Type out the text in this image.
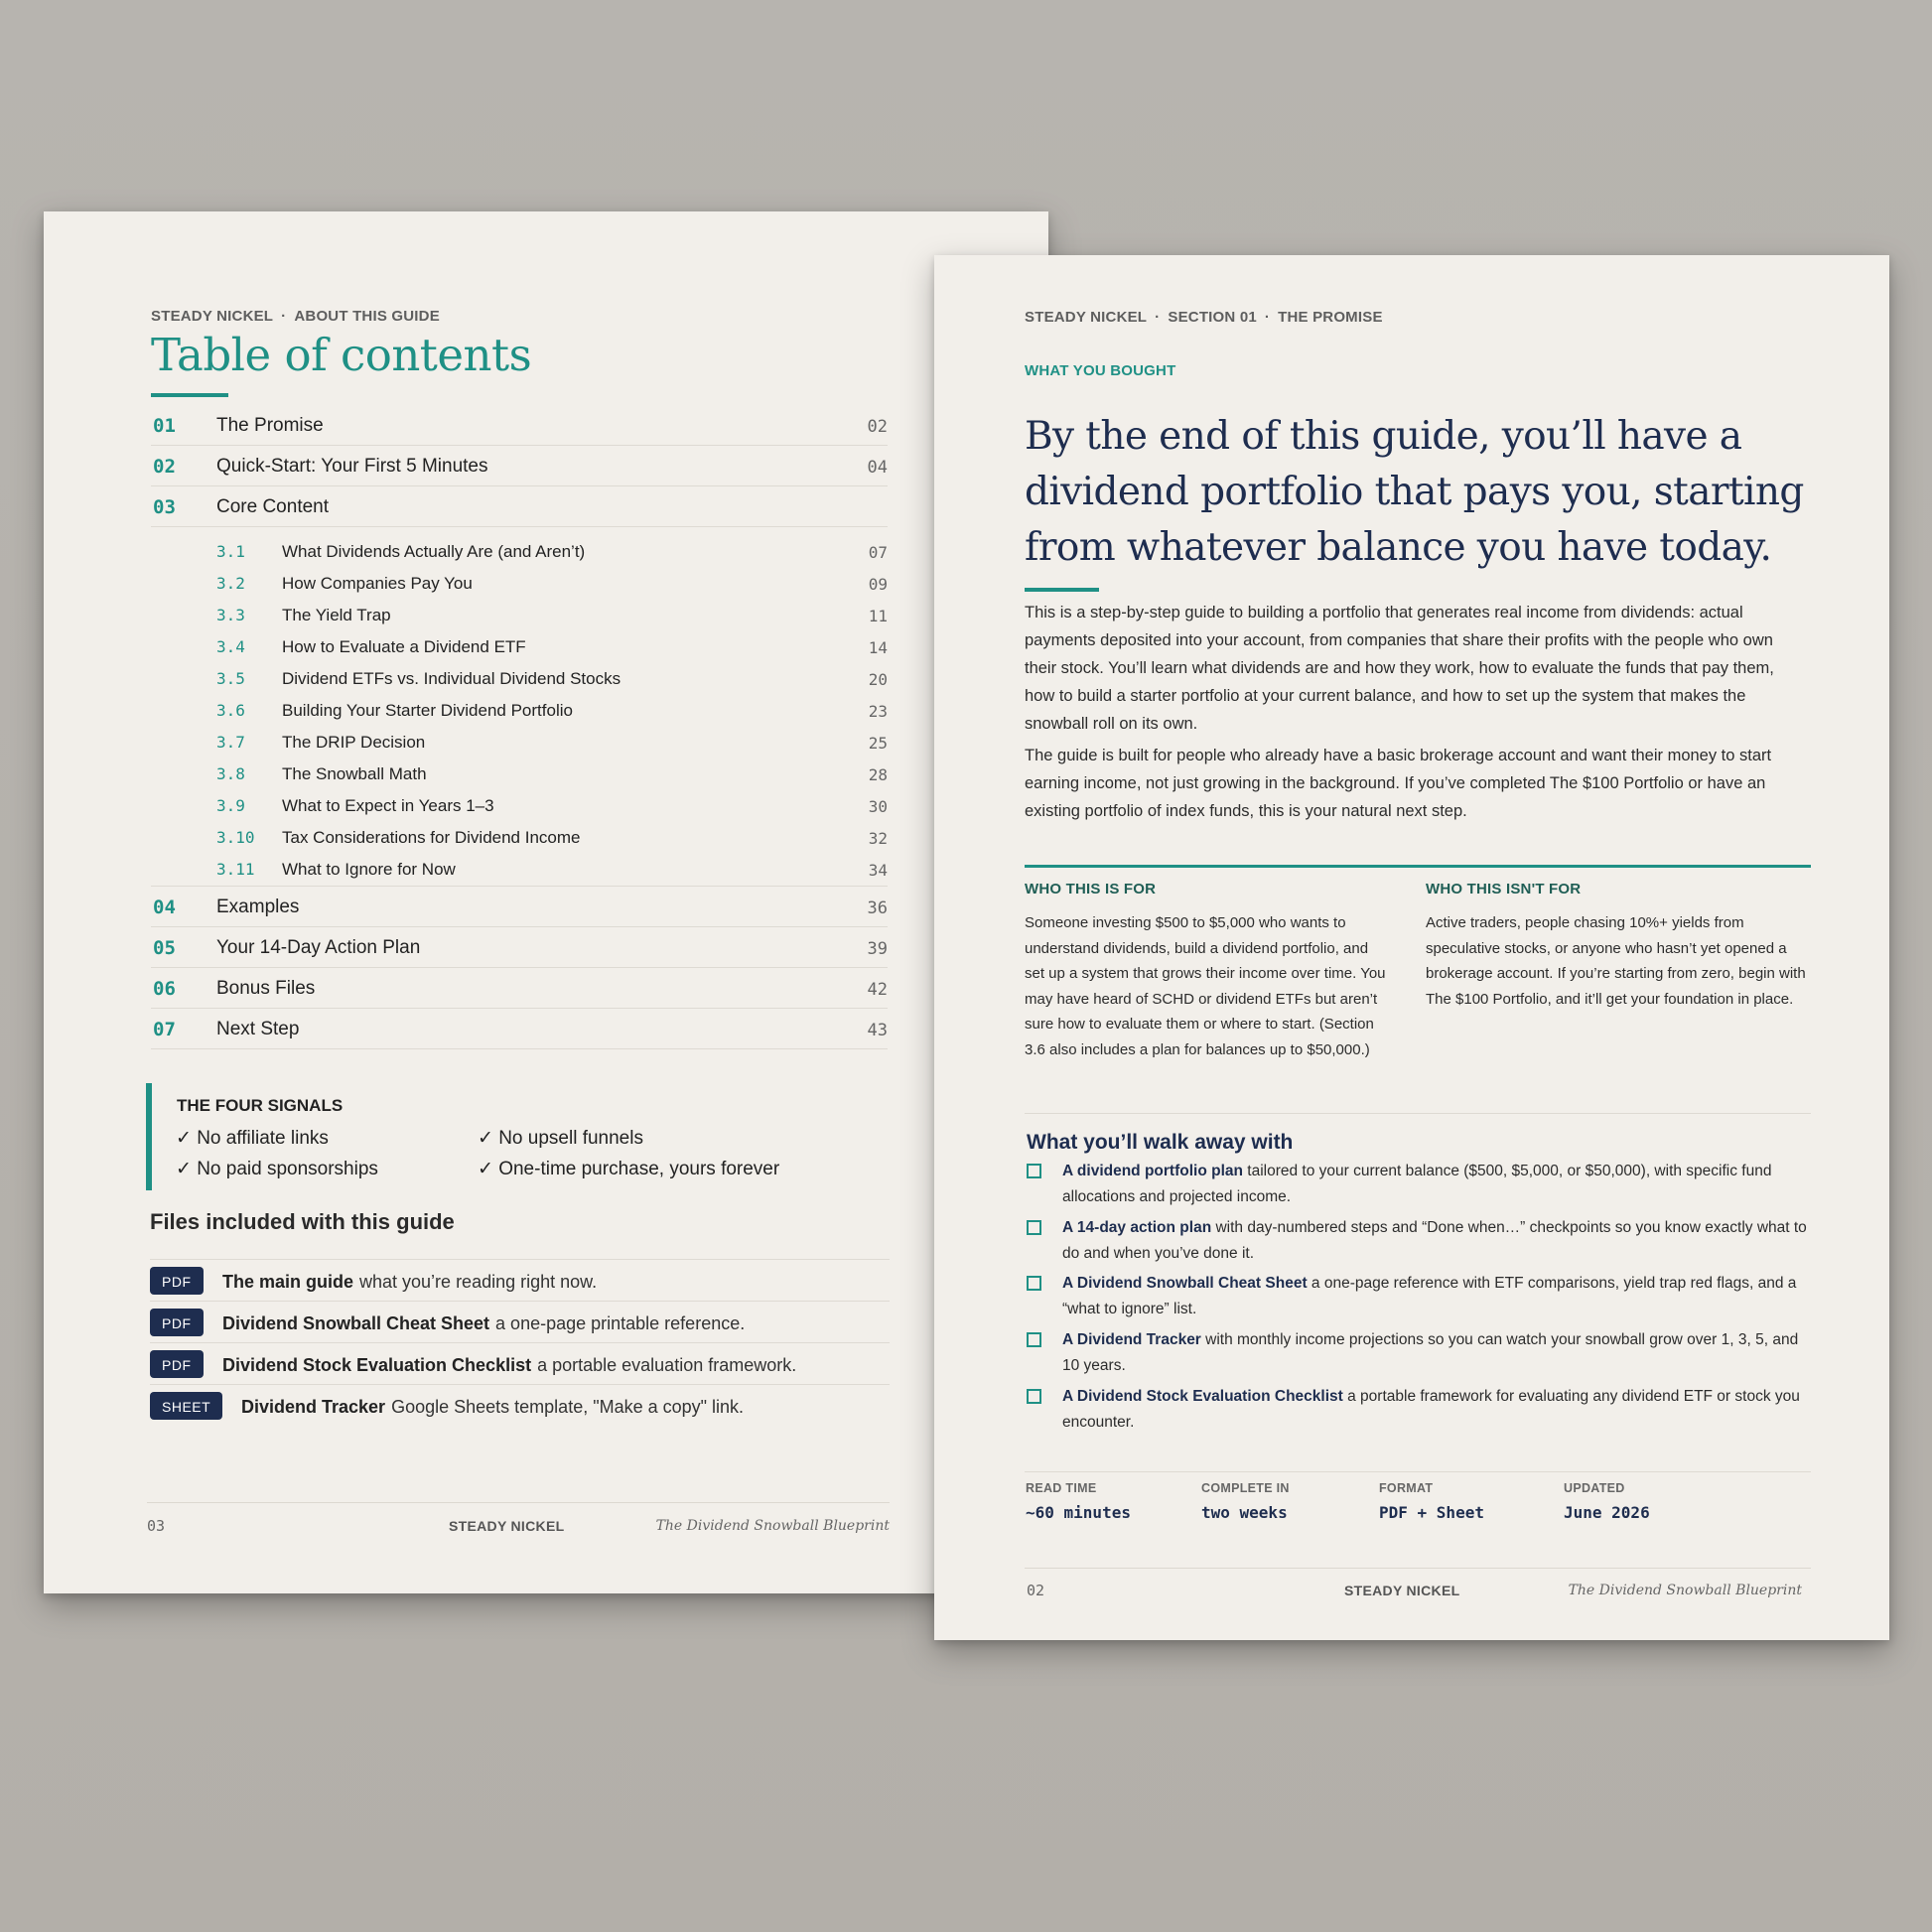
STEADY NICKEL · ABOUT THIS GUIDE
Table of contents
01 The Promise	02
02 Quick-Start: Your First 5 Minutes	04
03 Core Content
3.1 What Dividends Actually Are (and Aren’t)	07
3.2 How Companies Pay You	09
3.3 The Yield Trap	11
3.4 How to Evaluate a Dividend ETF	14
3.5 Dividend ETFs vs. Individual Dividend Stocks	20
3.6 Building Your Starter Dividend Portfolio	23
3.7 The DRIP Decision	25
3.8 The Snowball Math	28
3.9 What to Expect in Years 1–3	30
3.10 Tax Considerations for Dividend Income	32
3.11 What to Ignore for Now	34
04 Examples	36
05 Your 14-Day Action Plan	39
06 Bonus Files	42
07 Next Step	43
THE FOUR SIGNALS
✓ No affiliate links	✓ No upsell funnels
✓ No paid sponsorships	✓ One-time purchase, yours forever
Files included with this guide
PDF	The main guide what you’re reading right now.
PDF	Dividend Snowball Cheat Sheet a one-page printable reference.
PDF	Dividend Stock Evaluation Checklist a portable evaluation framework.
SHEET	Dividend Tracker Google Sheets template, "Make a copy" link.
03	STEADY NICKEL	The Dividend Snowball Blueprint
STEADY NICKEL · SECTION 01 · THE PROMISE
WHAT YOU BOUGHT
By the end of this guide, you’ll have a dividend portfolio that pays you, starting from whatever balance you have today.

This is a step-by-step guide to building a portfolio that generates real income from dividends: actual payments deposited into your account, from companies that share their profits with the people who own their stock. You’ll learn what dividends are and how they work, how to evaluate the funds that pay them, how to build a starter portfolio at your current balance, and how to set up the system that makes the snowball roll on its own.

The guide is built for people who already have a basic brokerage account and want their money to start earning income, not just growing in the background. If you’ve completed The $100 Portfolio or have an existing portfolio of index funds, this is your natural next step.

WHO THIS IS FOR

Someone investing $500 to $5,000 who wants to understand dividends, build a dividend portfolio, and set up a system that grows their income over time. You may have heard of SCHD or dividend ETFs but aren’t sure how to evaluate them or where to start. (Section 3.6 also includes a plan for balances up to $50,000.)

WHO THIS ISN'T FOR

Active traders, people chasing 10%+ yields from speculative stocks, or anyone who hasn’t yet opened a brokerage account. If you’re starting from zero, begin with The $100 Portfolio, and it’ll get your foundation in place.

What you’ll walk away with
A dividend portfolio plan tailored to your current balance ($500, $5,000, or $50,000), with specific fund allocations and projected income.
A 14-day action plan with day-numbered steps and “Done when…” checkpoints so you know exactly what to do and when you’ve done it.
A Dividend Snowball Cheat Sheet a one-page reference with ETF comparisons, yield trap red flags, and a “what to ignore” list.
A Dividend Tracker with monthly income projections so you can watch your snowball grow over 1, 3, 5, and 10 years.
A Dividend Stock Evaluation Checklist a portable framework for evaluating any dividend ETF or stock you encounter.
READ TIME
~60 minutes
COMPLETE IN
two weeks
FORMAT
PDF + Sheet
UPDATED
June 2026
02	STEADY NICKEL	The Dividend Snowball Blueprint
